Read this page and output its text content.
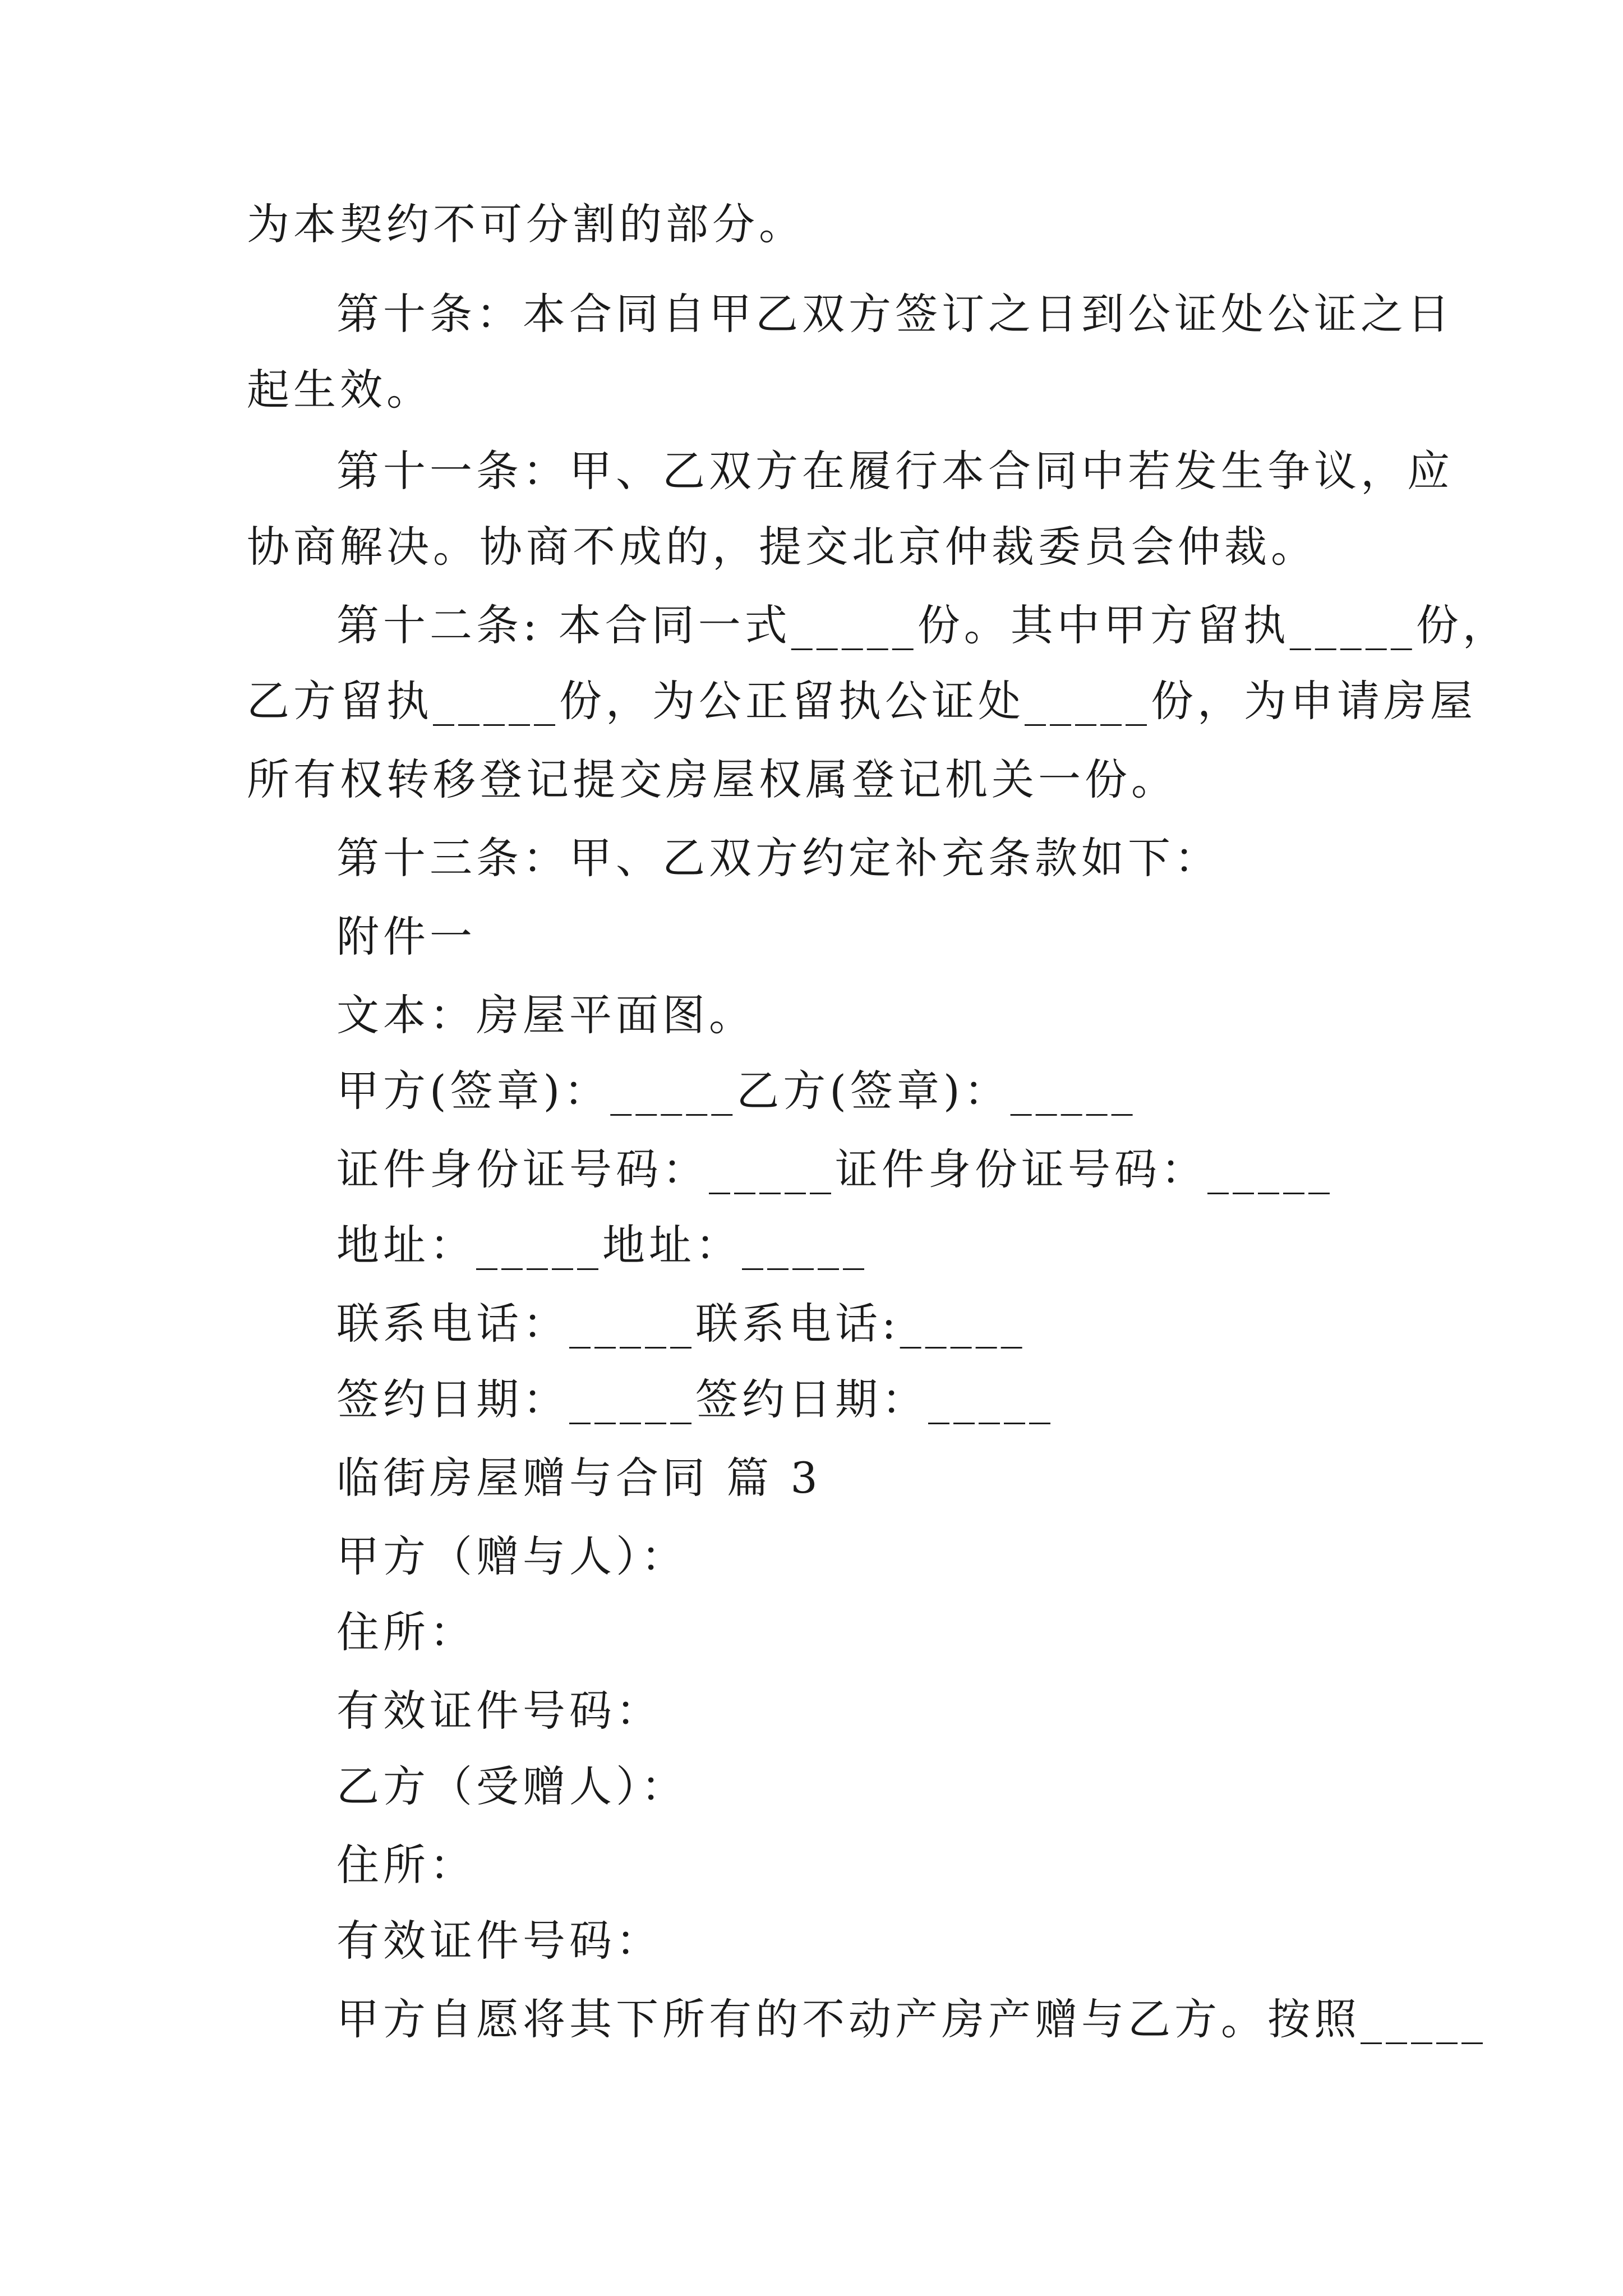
为本契约不可分割的部分。
第十条：本合同自甲乙双方签订之日到公证处公证之日
起生效。
第十一条：甲、乙双方在履行本合同中若发生争议，应
协商解决。协商不成的，提交北京仲裁委员会仲裁。
第十二条: 本合同一式_____份。其中甲方留执_____份，
乙方留执_____份，为公正留执公证处_____份，为申请房屋
所有权转移登记提交房屋权属登记机关一份。
第十三条：甲、乙双方约定补充条款如下：
附件一
文本：房屋平面图。
甲方(签章)：_____乙方(签章)：_____
证件身份证号码：_____证件身份证号码：_____
地址：_____地址：_____
联系电话：_____联系电话:_____
签约日期：_____签约日期：_____
临街房屋赠与合同 篇 3
甲方（赠与人）：
住所：
有效证件号码：
乙方（受赠人）：
住所：
有效证件号码：
甲方自愿将其下所有的不动产房产赠与乙方。按照_____
